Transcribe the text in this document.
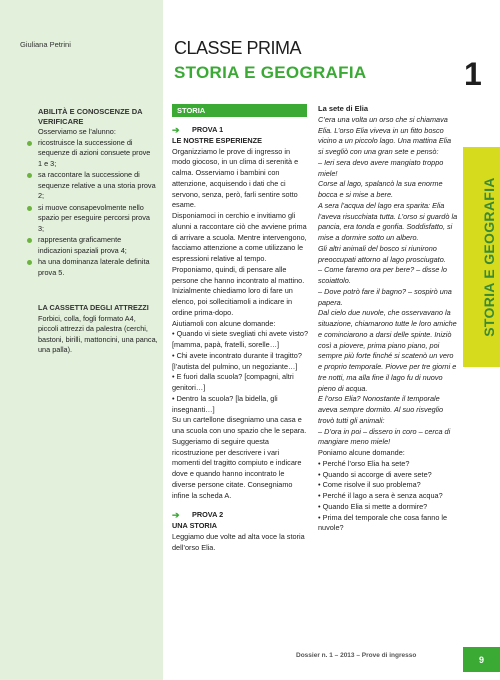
Giuliana Petrini

ABILITÀ E CONOSCENZE DA VERIFICARE

Osserviamo se l’alunno:

ricostruisce la successione di sequenze di azioni consuete prove 1 e 3;
sa raccontare la successione di sequenze relative a una storia prova 2;
si muove consapevolmente nello spazio per eseguire percorsi prova 3;
rappresenta graficamente indicazioni spaziali prova 4;
ha una dominanza laterale definita prova 5.

LA CASSETTA DEGLI ATTREZZI

Forbici, colla, fogli formato A4, piccoli attrezzi da palestra (cerchi, bastoni, birilli, mattoncini, una panca, una palla).

CLASSE PRIMA
STORIA E GEOGRAFIA	1
STORIA E GEOGRAFIA
STORIA

➔ PROVA 1

LE NOSTRE ESPERIENZE

Organizziamo le prove di ingresso in modo giocoso, in un clima di serenità e calma. Osserviamo i bambini con attenzione, acquisendo i dati che ci servono, senza, però, farli sentire sotto esame.

Disponiamoci in cerchio e invitiamo gli alunni a raccontare ciò che avviene prima di arrivare a scuola. Mentre intervengono, facciamo attenzione a come utilizzano le espressioni relative al tempo. Proponiamo, quindi, di pensare alle persone che hanno incontrato al mattino. Inizialmente chiediamo loro di fare un elenco, poi sollecitiamoli a indicare in ordine prima-dopo.

Aiutiamoli con alcune domande:

• Quando vi siete svegliati chi avete visto? [mamma, papà, fratelli, sorelle…]

• Chi avete incontrato durante il tragitto? [l’autista del pulmino, un negoziante…]

• E fuori dalla scuola? [compagni, altri genitori…]

• Dentro la scuola? [la bidella, gli insegnanti…]

Su un cartellone disegniamo una casa e una scuola con uno spazio che le separa. Suggeriamo di seguire questa ricostruzione per descrivere i vari momenti del tragitto compiuto e indicare dove e quando hanno incontrato le diverse persone citate. Consegniamo infine la scheda A.

➔ PROVA 2

UNA STORIA

Leggiamo due volte ad alta voce la storia dell’orso Elia.

La sete di Elia

C’era una volta un orso che si chiamava Elia. L’orso Elia viveva in un fitto bosco vicino a un piccolo lago. Una mattina Elia si svegliò con una gran sete e pensò:

– Ieri sera devo avere mangiato troppo miele!

Corse al lago, spalancò la sua enorme bocca e si mise a bere.

A sera l’acqua del lago era sparita: Elia l’aveva risucchiata tutta. L’orso si guardò la pancia, era tonda e gonfia. Soddisfatto, si mise a dormire sotto un albero.

Gli altri animali del bosco si riunirono preoccupati attorno al lago prosciugato.

– Come faremo ora per bere? – disse lo scoiattolo.

– Dove potrò fare il bagno? – sospirò una papera.

Dal cielo due nuvole, che osservavano la situazione, chiamarono tutte le loro amiche e cominciarono a darsi delle spinte. Iniziò così a piovere, prima piano piano, poi sempre più forte finché si scatenò un vero e proprio temporale. Piovve per tre giorni e tre notti, ma alla fine il lago fu di nuovo pieno di acqua.

E l’orso Elia? Nonostante il temporale aveva sempre dormito. Al suo risveglio trovò tutti gli animali:

– D’ora in poi – dissero in coro – cerca di mangiare meno miele!

Poniamo alcune domande:

• Perché l’orso Elia ha sete?

• Quando si accorge di avere sete?

• Come risolve il suo problema?

• Perché il lago a sera è senza acqua?

• Quando Elia si mette a dormire?

• Prima del temporale che cosa fanno le nuvole?

Dossier n. 1 – 2013 – Prove di ingresso	9
